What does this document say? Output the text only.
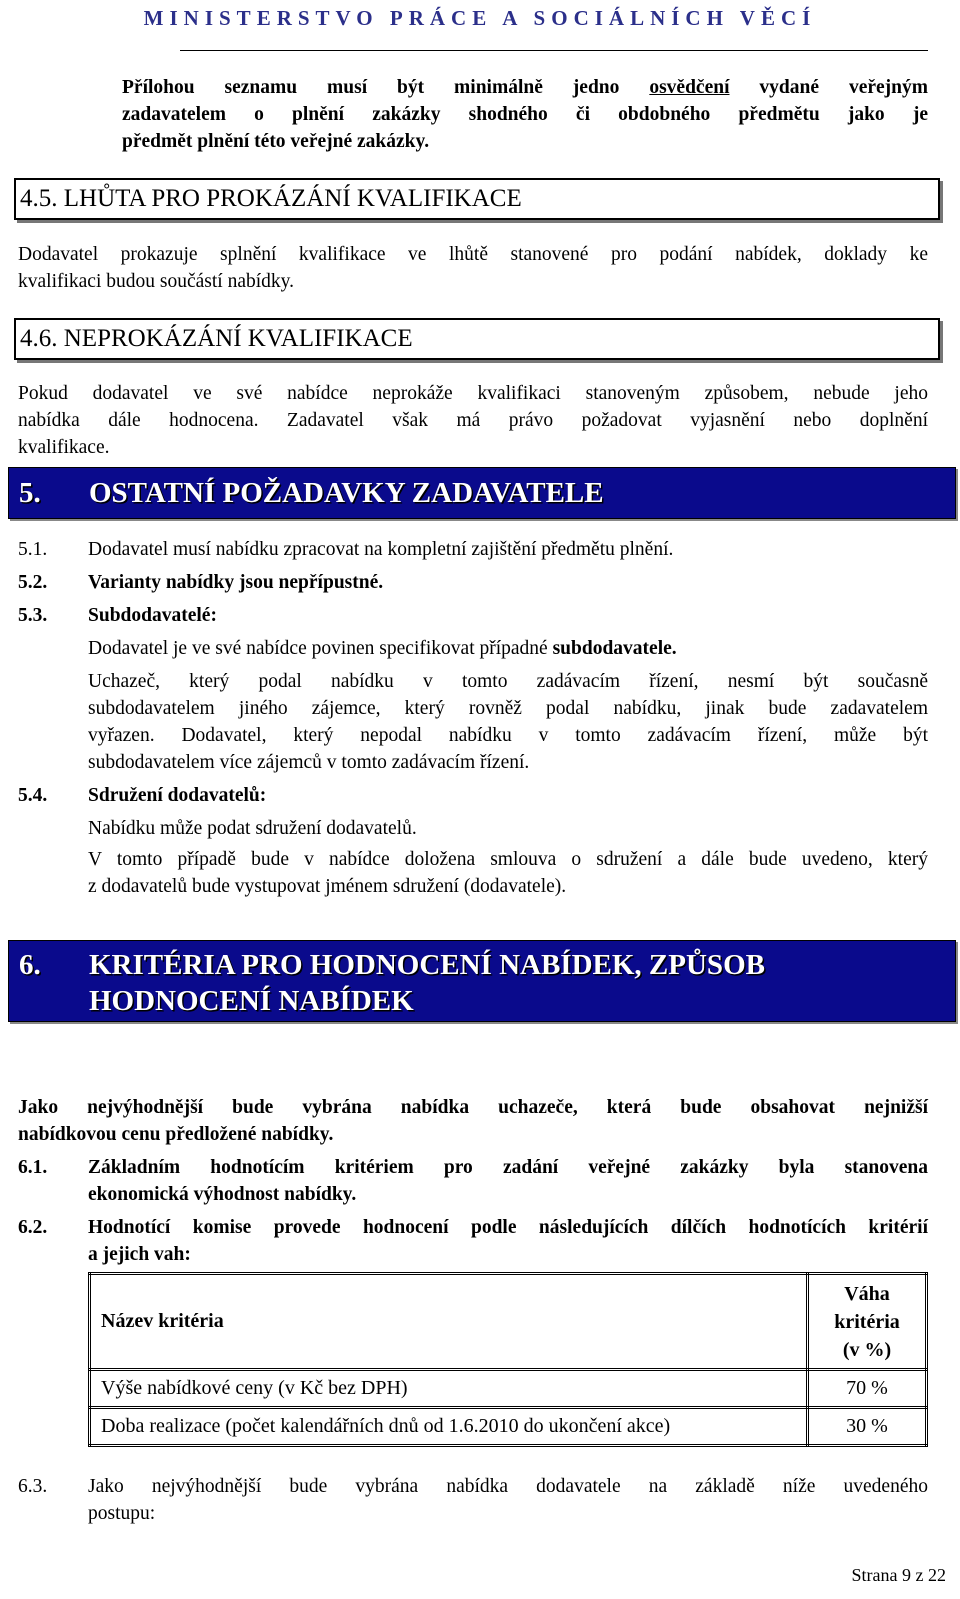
MINISTERSTVO PRÁCE A SOCIÁLNÍCH VĚCÍ
Přílohou seznamu musí být minimálně jedno osvědčení vydané veřejným
zadavatelem o plnění zakázky shodného či obdobného předmětu jako je
předmět plnění této veřejné zakázky.
4.5. LHŮTA PRO PROKÁZÁNÍ KVALIFIKACE
Dodavatel prokazuje splnění kvalifikace ve lhůtě stanovené pro podání nabídek, doklady ke
kvalifikaci budou součástí nabídky.
4.6. NEPROKÁZÁNÍ KVALIFIKACE
Pokud dodavatel ve své nabídce neprokáže kvalifikaci stanoveným způsobem, nebude jeho
nabídka dále hodnocena. Zadavatel však má právo požadovat vyjasnění nebo doplnění
kvalifikace.
5. OSTATNÍ POŽADAVKY ZADAVATELE
5.1. Dodavatel musí nabídku zpracovat na kompletní zajištění předmětu plnění.
5.2. Varianty nabídky jsou nepřípustné.
5.3. Subdodavatelé:
Dodavatel je ve své nabídce povinen specifikovat případné subdodavatele.
Uchazeč, který podal nabídku v tomto zadávacím řízení, nesmí být současně
subdodavatelem jiného zájemce, který rovněž podal nabídku, jinak bude zadavatelem
vyřazen. Dodavatel, který nepodal nabídku v tomto zadávacím řízení, může být
subdodavatelem více zájemců v tomto zadávacím řízení.
5.4. Sdružení dodavatelů:
Nabídku může podat sdružení dodavatelů.
V tomto případě bude v nabídce doložena smlouva o sdružení a dále bude uvedeno, který
z dodavatelů bude vystupovat jménem sdružení (dodavatele).
6. KRITÉRIA PRO HODNOCENÍ NABÍDEK, ZPŮSOB
HODNOCENÍ NABÍDEK
Jako nejvýhodnější bude vybrána nabídka uchazeče, která bude obsahovat nejnižší
nabídkovou cenu předložené nabídky.
6.1. Základním hodnotícím kritériem pro zadání veřejné zakázky byla stanovena
ekonomická výhodnost nabídky.
6.2. Hodnotící komise provede hodnocení podle následujících dílčích hodnotících kritérií
a jejich vah:
Název kritéria	Váha
kritéria
(v %)

Výše nabídkové ceny (v Kč bez DPH)	70 %
Doba realizace (počet kalendářních dnů od 1.6.2010 do ukončení akce)	30 %
6.3. Jako nejvýhodnější bude vybrána nabídka dodavatele na základě níže uvedeného
postupu:
Strana 9 z 22
